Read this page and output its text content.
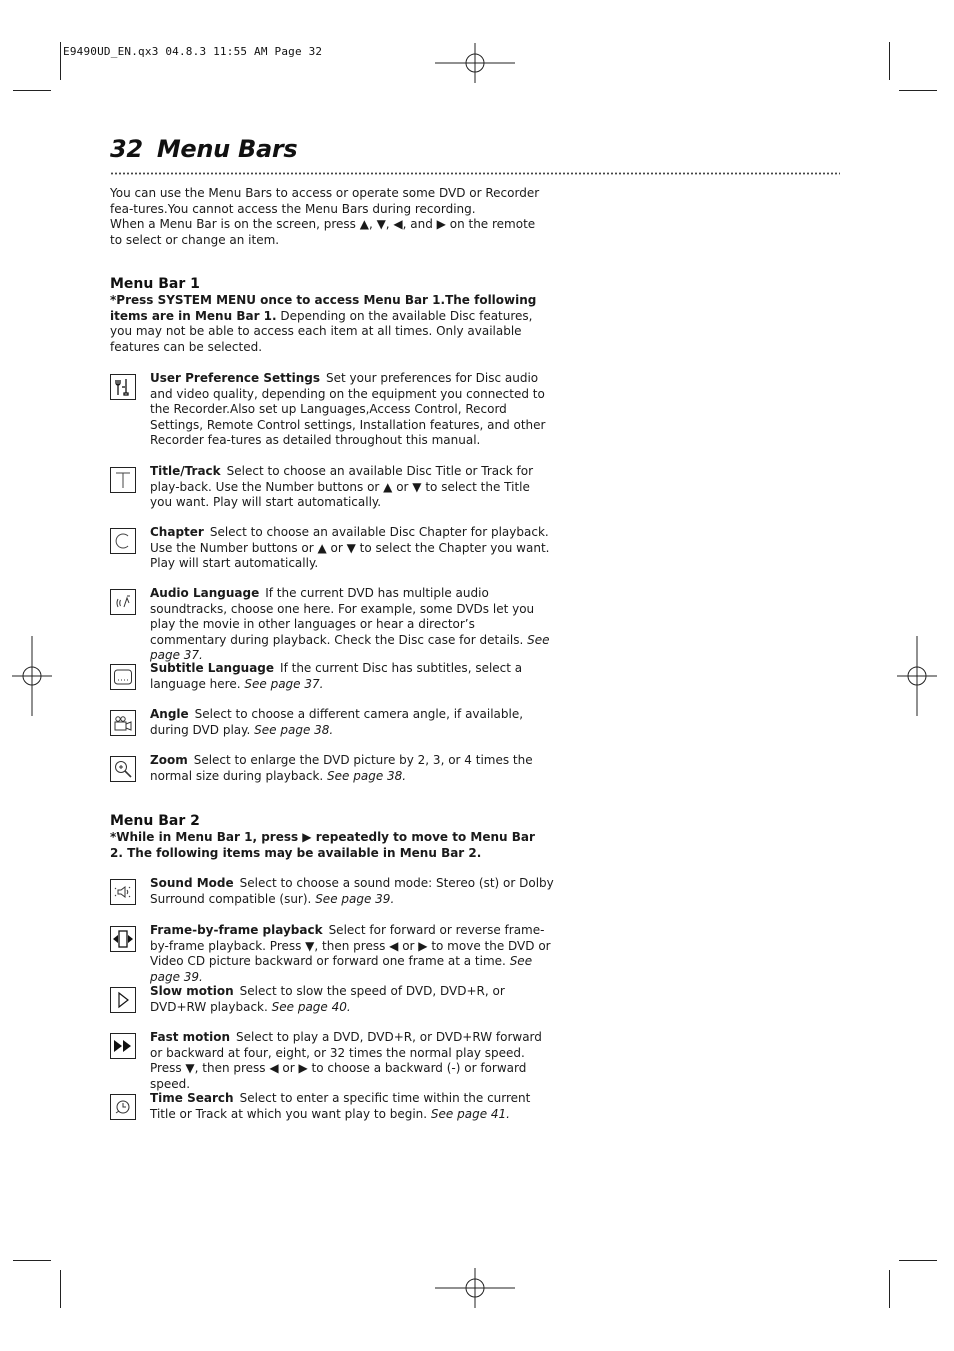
E9490UD_EN.qx3 04.8.3 11:55 AM Page 32
32 Menu Bars

You can use the Menu Bars to access or operate some DVD or Recorder fea-tures.You cannot access the Menu Bars during recording.

When a Menu Bar is on the screen, press ▲, ▼, ◀, and ▶ on the remote to select or change an item.

Menu Bar 1

*Press SYSTEM MENU once to access Menu Bar 1.The following items are in Menu Bar 1. Depending on the available Disc features, you may not be able to access each item at all times. Only available features can be selected.

User Preference Settings Set your preferences for Disc audio and video quality, depending on the equipment you connected to the Recorder.Also set up Languages,Access Control, Record Settings, Remote Control settings, Installation features, and other Recorder fea-tures as detailed throughout this manual.

Title/Track Select to choose an available Disc Title or Track for play-back. Use the Number buttons or ▲ or ▼ to select the Title you want. Play will start automatically.

Chapter Select to choose an available Disc Chapter for playback. Use the Number buttons or ▲ or ▼ to select the Chapter you want. Play will start automatically.

Audio Language If the current DVD has multiple audio soundtracks, choose one here. For example, some DVDs let you play the movie in other languages or hear a director’s commentary during playback. Check the Disc case for details. See page 37.

Subtitle Language If the current Disc has subtitles, select a language here. See page 37.

Angle Select to choose a different camera angle, if available, during DVD play. See page 38.

Zoom Select to enlarge the DVD picture by 2, 3, or 4 times the normal size during playback. See page 38.

Menu Bar 2

*While in Menu Bar 1, press ▶ repeatedly to move to Menu Bar 2. The following items may be available in Menu Bar 2.

Sound Mode Select to choose a sound mode: Stereo (st) or Dolby Surround compatible (sur). See page 39.

Frame-by-frame playback Select for forward or reverse frame-by-frame playback. Press ▼, then press ◀ or ▶ to move the DVD or Video CD picture backward or forward one frame at a time. See page 39.

Slow motion Select to slow the speed of DVD, DVD+R, or DVD+RW playback. See page 40.

Fast motion Select to play a DVD, DVD+R, or DVD+RW forward or backward at four, eight, or 32 times the normal play speed. Press ▼, then press ◀ or ▶ to choose a backward (-) or forward speed.

Time Search Select to enter a specific time within the current Title or Track at which you want play to begin. See page 41.
